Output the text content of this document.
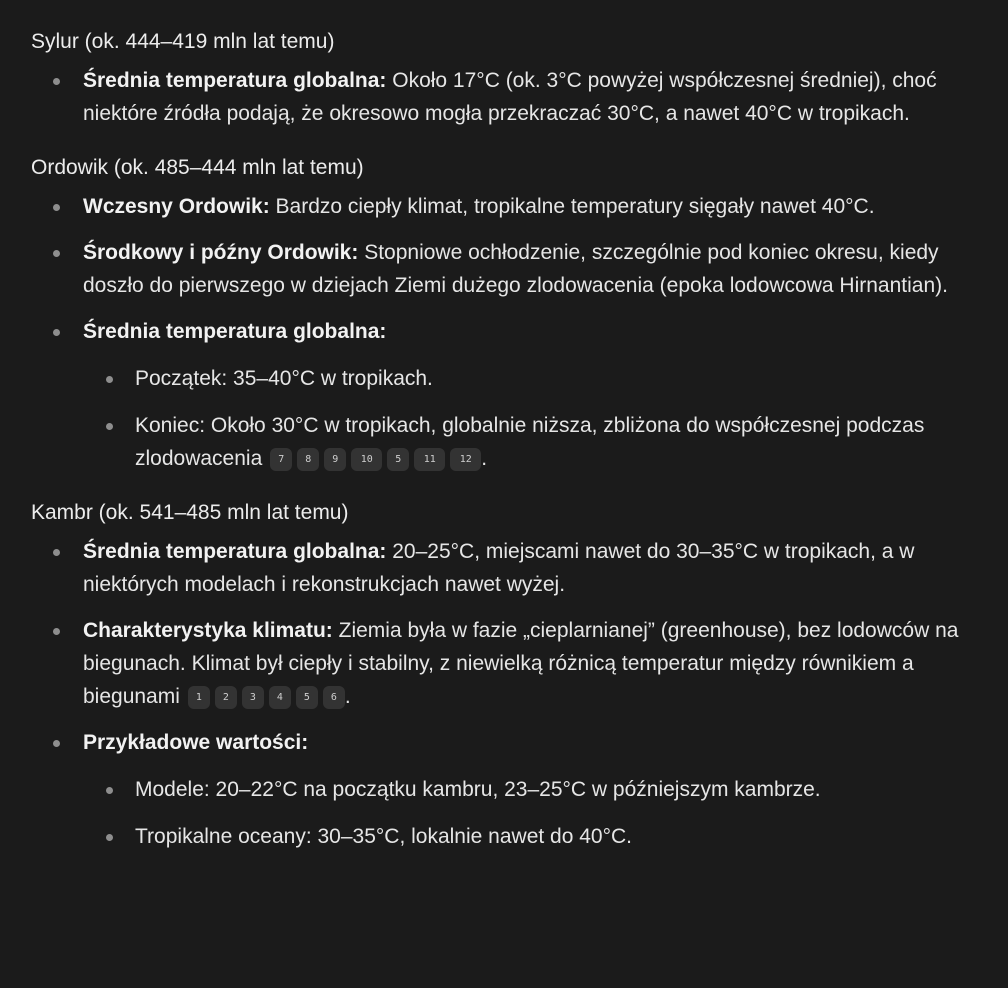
Sylur (ok. 444–419 mln lat temu)

Średnia temperatura globalna: Około 17°C (ok. 3°C powyżej współczesnej średniej), choć niektóre źródła podają, że okresowo mogła przekraczać 30°C, a nawet 40°C w tropikach.

Ordowik (ok. 485–444 mln lat temu)

Wczesny Ordowik: Bardzo ciepły klimat, tropikalne temperatury sięgały nawet 40°C.
Środkowy i późny Ordowik: Stopniowe ochłodzenie, szczególnie pod koniec okresu, kiedy doszło do pierwszego w dziejach Ziemi dużego zlodowacenia (epoka lodowcowa Hirnantian).
Średnia temperatura globalna:
Początek: 35–40°C w tropikach.
Koniec: Około 30°C w tropikach, globalnie niższa, zbliżona do współczesnej podczas zlodowacenia 7 8 9 10 5 11 12 .

Kambr (ok. 541–485 mln lat temu)

Średnia temperatura globalna: 20–25°C, miejscami nawet do 30–35°C w tropikach, a w niektórych modelach i rekonstrukcjach nawet wyżej.
Charakterystyka klimatu: Ziemia była w fazie „cieplarnianej” (greenhouse), bez lodowców na biegunach. Klimat był ciepły i stabilny, z niewielką różnicą temperatur między równikiem a biegunami 1 2 3 4 5 6 .
Przykładowe wartości:
Modele: 20–22°C na początku kambru, 23–25°C w późniejszym kambrze.
Tropikalne oceany: 30–35°C, lokalnie nawet do 40°C.
